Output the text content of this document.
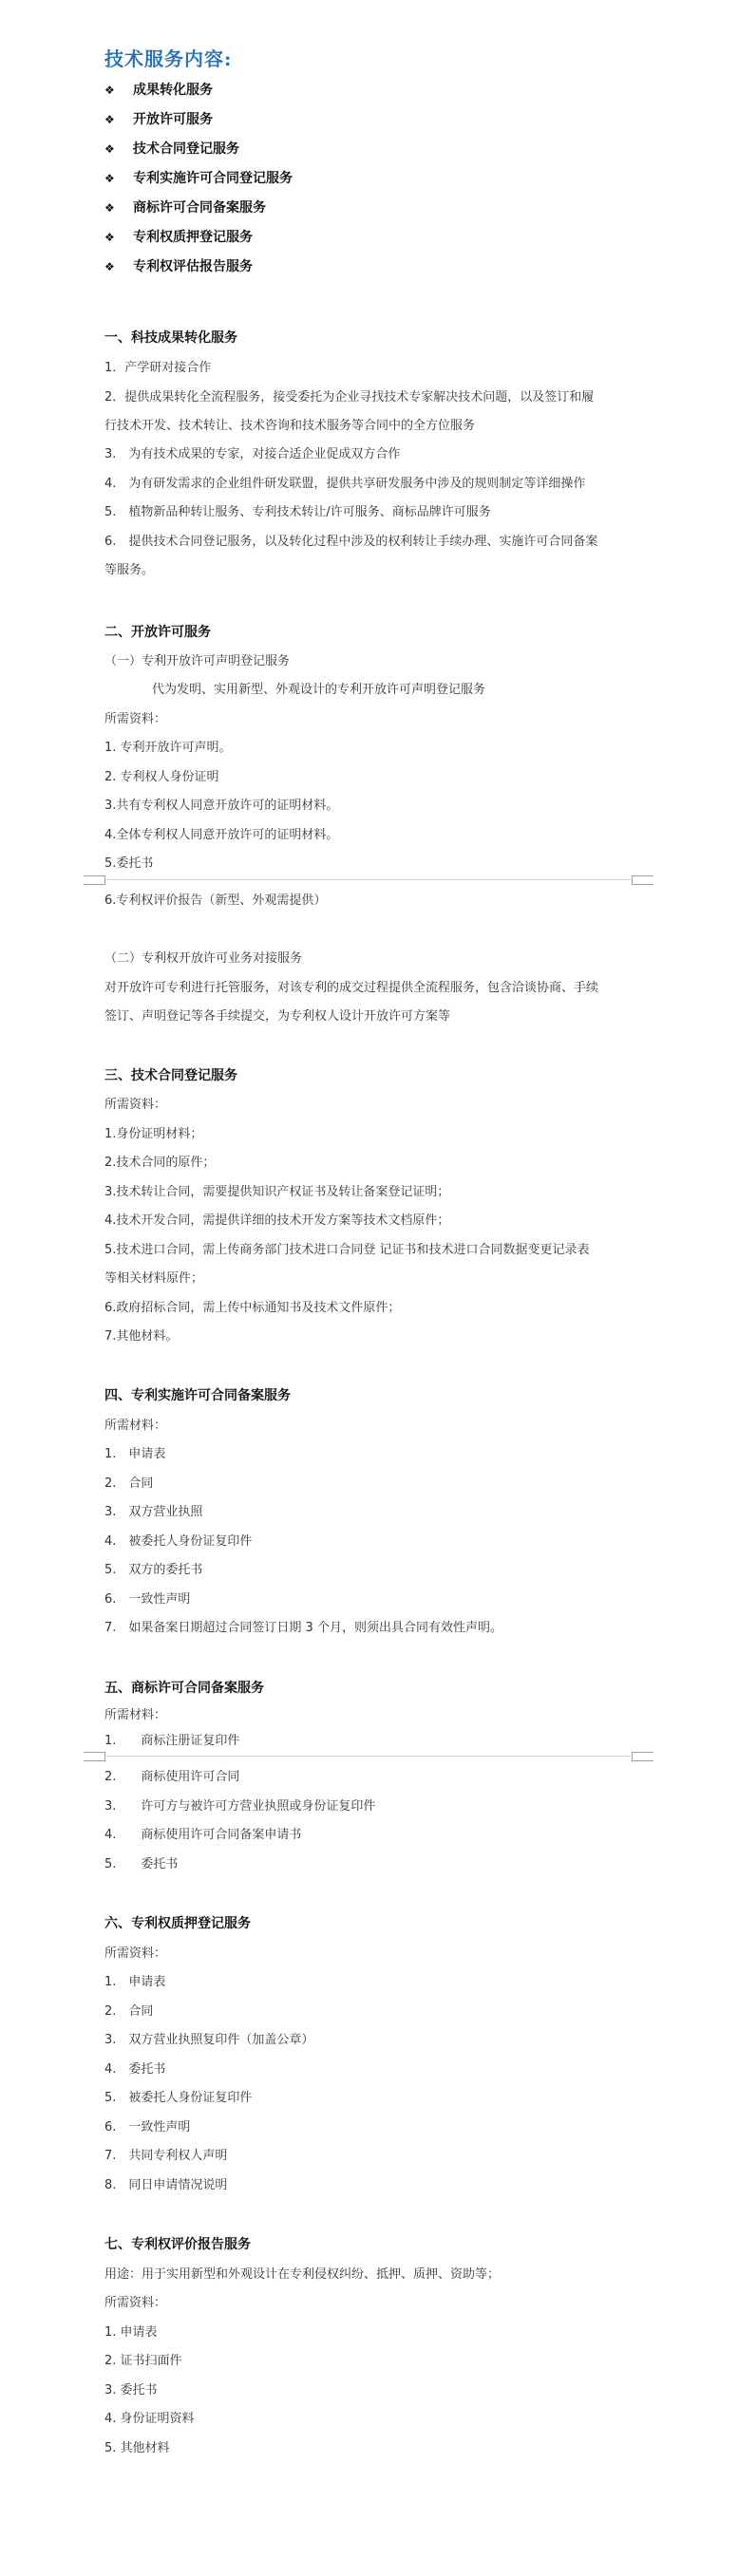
技术服务内容:
❖	成果转化服务
❖	开放许可服务
❖	技术合同登记服务
❖	专利实施许可合同登记服务
❖	商标许可合同备案服务
❖	专利权质押登记服务
❖	专利权评估报告服务
一、科技成果转化服务
1．产学研对接合作
2．提供成果转化全流程服务，接受委托为企业寻找技术专家解决技术问题，以及签订和履
行技术开发、技术转让、技术咨询和技术服务等合同中的全方位服务
3.　为有技术成果的专家，对接合适企业促成双方合作
4.　为有研发需求的企业组件研发联盟，提供共享研发服务中涉及的规则制定等详细操作
5.　植物新品种转让服务、专利技术转让/许可服务、商标品牌许可服务
6.　提供技术合同登记服务，以及转化过程中涉及的权利转让手续办理、实施许可合同备案
等服务。
二、开放许可服务
（一）专利开放许可声明登记服务
代为发明、实用新型、外观设计的专利开放许可声明登记服务
所需资料：
1. 专利开放许可声明。
2. 专利权人身份证明
3.共有专利权人同意开放许可的证明材料。
4.全体专利权人同意开放许可的证明材料。
5.委托书
6.专利权评价报告（新型、外观需提供）
（二）专利权开放许可业务对接服务
对开放许可专利进行托管服务，对该专利的成交过程提供全流程服务，包含洽谈协商、手续
签订、声明登记等各手续提交，为专利权人设计开放许可方案等
三、技术合同登记服务
所需资料：
1.身份证明材料；
2.技术合同的原件；
3.技术转让合同，需要提供知识产权证书及转让备案登记证明；
4.技术开发合同，需提供详细的技术开发方案等技术文档原件；
5.技术进口合同，需上传商务部门技术进口合同登 记证书和技术进口合同数据变更记录表
等相关材料原件；
6.政府招标合同，需上传中标通知书及技术文件原件；
7.其他材料。
四、专利实施许可合同备案服务
所需材料：
1.　申请表
2.　合同
3.　双方营业执照
4.　被委托人身份证复印件
5.　双方的委托书
6.　一致性声明
7.　如果备案日期超过合同签订日期 3 个月，则须出具合同有效性声明。
五、商标许可合同备案服务
所需材料：
1.　　商标注册证复印件
2.　　商标使用许可合同
3.　　许可方与被许可方营业执照或身份证复印件
4.　　商标使用许可合同备案申请书
5.　　委托书
六、专利权质押登记服务
所需资料：
1.　申请表
2.　合同
3.　双方营业执照复印件（加盖公章）
4.　委托书
5.　被委托人身份证复印件
6.　一致性声明
7.　共同专利权人声明
8.　同日申请情况说明
七、专利权评价报告服务
用途：用于实用新型和外观设计在专利侵权纠纷、抵押、质押、资助等；
所需资料：
1. 申请表
2. 证书扫面件
3. 委托书
4. 身份证明资料
5. 其他材料
